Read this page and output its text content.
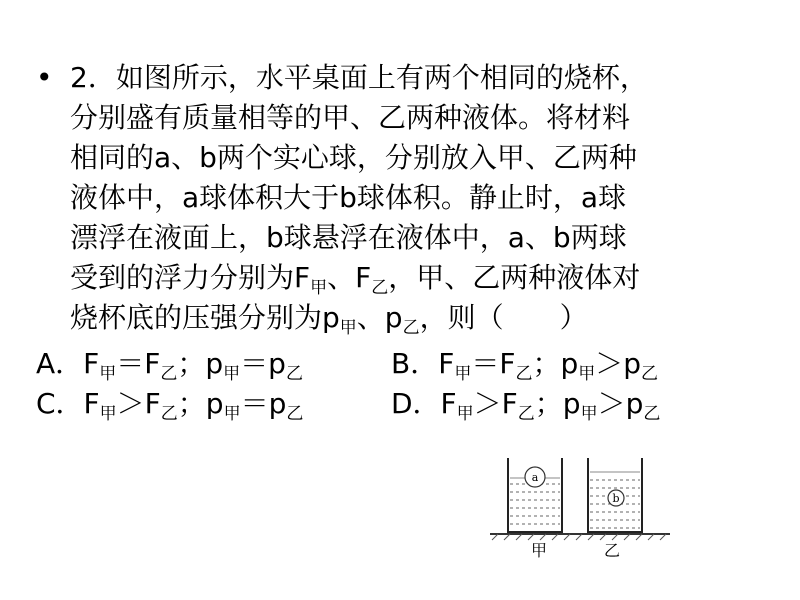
• 2．如图所示，水平桌面上有两个相同的烧杯，
分别盛有质量相等的甲、乙两种液体。将材料
相同的a、b两个实心球，分别放入甲、乙两种
液体中，a球体积大于b球体积。静止时，a球
漂浮在液面上，b球悬浮在液体中，a、b两球
受到的浮力分别为$F_甲$、$F_乙$，甲、乙两种液体对
烧杯底的压强分别为$p_甲$、$p_乙$，则（　　）
A．$F_甲=F_乙$；$p_甲=p_乙$	B．$F_甲=F_乙$；$p_甲>p_乙$
C．$F_甲>F_乙$；$p_甲=p_乙$	D．$F_甲>F_乙$；$p_甲>p_乙$
a
b
甲	乙
